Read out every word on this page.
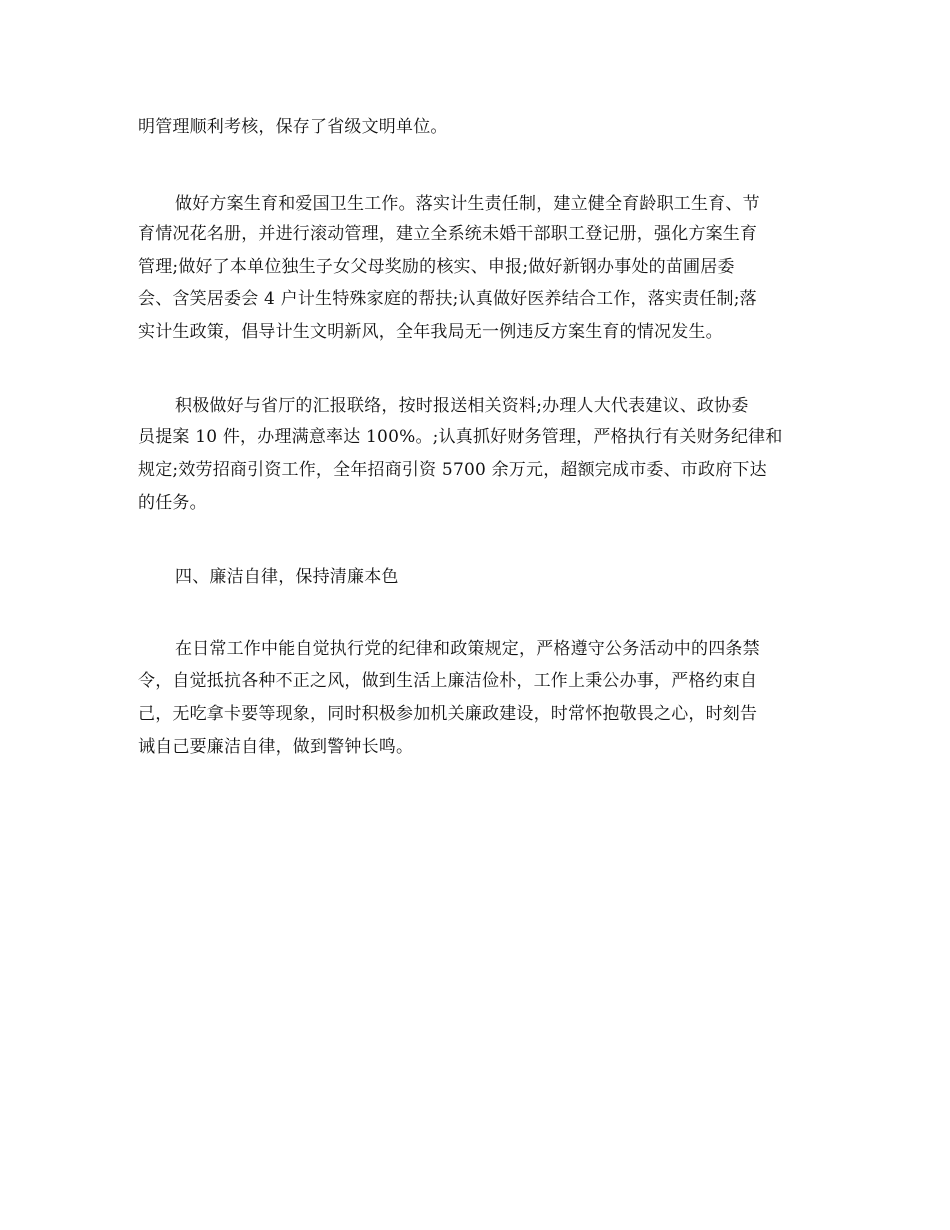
明管理顺利考核，保存了省级文明单位。
做好方案生育和爱国卫生工作。落实计生责任制，建立健全育龄职工生育、节
育情况花名册，并进行滚动管理，建立全系统未婚干部职工登记册，强化方案生育
管理;做好了本单位独生子女父母奖励的核实、申报;做好新钢办事处的苗圃居委
会、含笑居委会 4 户计生特殊家庭的帮扶;认真做好医养结合工作，落实责任制;落
实计生政策，倡导计生文明新风，全年我局无一例违反方案生育的情况发生。
积极做好与省厅的汇报联络，按时报送相关资料;办理人大代表建议、政协委
员提案 10 件，办理满意率达 100%。;认真抓好财务管理，严格执行有关财务纪律和
规定;效劳招商引资工作，全年招商引资 5700 余万元，超额完成市委、市政府下达
的任务。
四、廉洁自律，保持清廉本色
在日常工作中能自觉执行党的纪律和政策规定，严格遵守公务活动中的四条禁
令，自觉抵抗各种不正之风，做到生活上廉洁俭朴，工作上秉公办事，严格约束自
己，无吃拿卡要等现象，同时积极参加机关廉政建设，时常怀抱敬畏之心，时刻告
诫自己要廉洁自律，做到警钟长鸣。
